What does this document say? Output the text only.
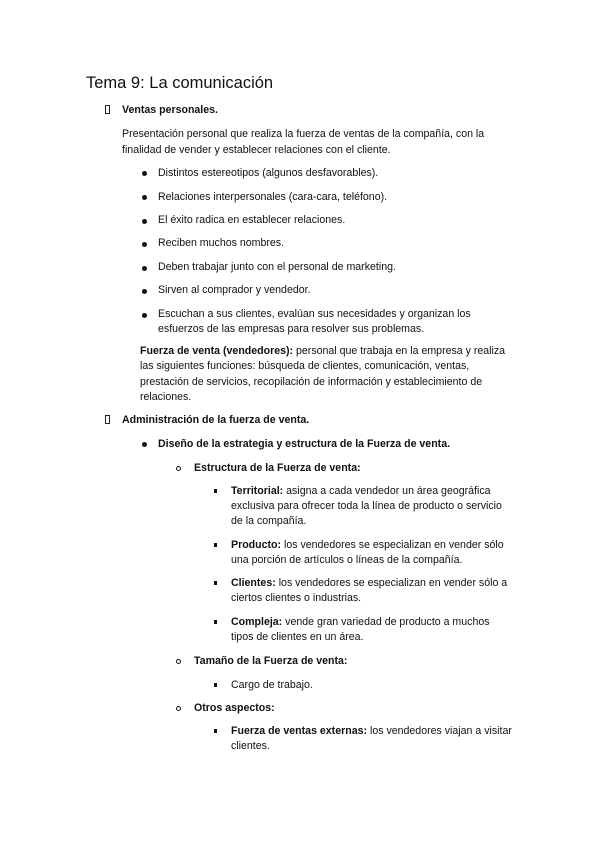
Tema 9: La comunicación
Ventas personales.
Presentación personal que realiza la fuerza de ventas de la compañía, con la
finalidad de vender y establecer relaciones con el cliente.
Distintos estereotipos (algunos desfavorables).
Relaciones interpersonales (cara-cara, teléfono).
El éxito radica en establecer relaciones.
Reciben muchos nombres.
Deben trabajar junto con el personal de marketing.
Sirven al comprador y vendedor.
Escuchan a sus clientes, evalúan sus necesidades y organizan los
esfuerzos de las empresas para resolver sus problemas.
Fuerza de venta (vendedores): personal que trabaja en la empresa y realiza
las siguientes funciones: búsqueda de clientes, comunicación, ventas,
prestación de servicios, recopilación de información y establecimiento de
relaciones.
Administración de la fuerza de venta.
Diseño de la estrategia y estructura de la Fuerza de venta.
Estructura de la Fuerza de venta:
Territorial: asigna a cada vendedor un área geográfica
exclusiva para ofrecer toda la línea de producto o servicio
de la compañía.
Producto: los vendedores se especializan en vender sólo
una porción de artículos o líneas de la compañía.
Clientes: los vendedores se especializan en vender sólo a
ciertos clientes o industrias.
Compleja: vende gran variedad de producto a muchos
tipos de clientes en un área.
Tamaño de la Fuerza de venta:
Cargo de trabajo.
Otros aspectos:
Fuerza de ventas externas: los vendedores viajan a visitar
clientes.
